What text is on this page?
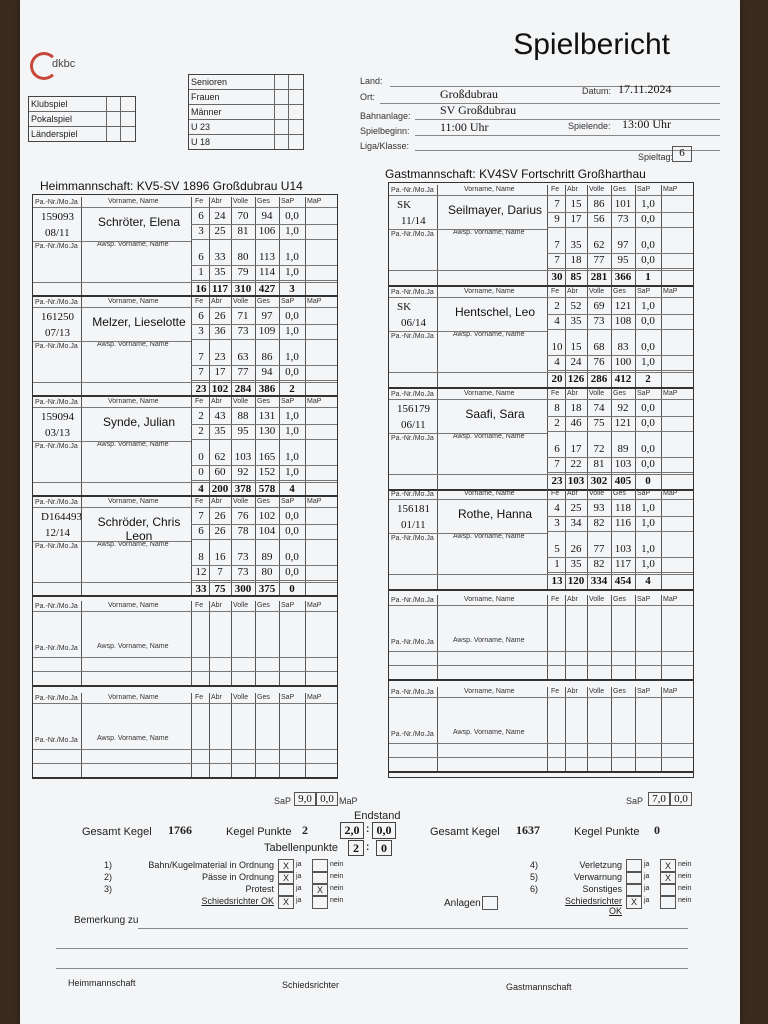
dkbc
Spielbericht
Klubspiel
Pokalspiel
Länderspiel
Senioren
Frauen
Männer
U 23
U 18
Land:
Ort:	Großdubrau	Datum: 17.11.2024
Bahnanlage: SV Großdubrau
Spielbeginn:	11:00 Uhr	Spielende: 13:00 Uhr
Liga/Klasse:
Spieltag: 6
Heimmannschaft: KV5-SV 1896 Großdubrau U14
Gastmannschaft: KV4SV Fortschritt Großharthau
Pa.-Nr./Mo.Ja	Vorname, Name	Fe Abr Volle Ges SaP MaP
159093
08/11
Pa.-Nr./Mo.Ja	Awsp. Vorname, Name
Schröter, Elena	6 24	70	94	0,0
3 25	81 106 1,0
6 33	80 113 1,0
1 35	79 114 1,0
16 117 310 427	3
Pa.-Nr./Mo.Ja	Vorname, Name	Fe Abr Volle Ges SaP MaP
161250
07/13
Pa.-Nr./Mo.Ja	Awsp. Vorname, Name
Melzer, Lieselotte	6 26	71	97	0,0
3 36	73 109 1,0
7 23	63	86	1,0
7 17	77	94	0,0
23 102 284 386	2
Pa.-Nr./Mo.Ja	Vorname, Name	Fe Abr Volle Ges SaP MaP
159094
03/13
Pa.-Nr./Mo.Ja	Awsp. Vorname, Name
Synde, Julian	2 43	88 131 1,0
2 35	95 130 1,0
0 62 103 165 1,0
0 60	92 152 1,0
4 200 378 578	4
Pa.-Nr./Mo.Ja	Vorname, Name	Fe Abr Volle Ges SaP MaP
D164493
12/14
Pa.-Nr./Mo.Ja	Awsp. Vorname, Name
Schröder, Chris Leon
7 26	76 102 0,0
6 26	78 104 0,0
8 16	73	89	0,0
12 7	73	80	0,0
33 75 300 375	0
Pa.-Nr./Mo.Ja	Vorname, Name	Fe Abr Volle Ges SaP MaP
Pa.-Nr./Mo.Ja	Awsp. Vorname, Name
Pa.-Nr./Mo.Ja	Vorname, Name	Fe Abr Volle Ges SaP MaP
Pa.-Nr./Mo.Ja	Awsp. Vorname, Name
Pa.-Nr./Mo.Ja	Vorname, Name	Fe Abr Volle Ges SaP MaP
SK
11/14
Pa.-Nr./Mo.Ja	Awsp. Vorname, Name
Seilmayer, Darius	7 15	86 101 1,0
9 17	56	73	0,0
7 35	62	97	0,0
7 18	77	95	0,0
30 85 281 366	1
Pa.-Nr./Mo.Ja	Vorname, Name	Fe Abr Volle Ges SaP MaP
SK
06/14
Pa.-Nr./Mo.Ja	Awsp. Vorname, Name
Hentschel, Leo	2 52	69 121 1,0
4 35	73 108 0,0
10 15	68	83	0,0
4 24	76 100 1,0
20 126 286 412	2
Pa.-Nr./Mo.Ja	Vorname, Name	Fe Abr Volle Ges SaP MaP
156179
06/11
Pa.-Nr./Mo.Ja	Awsp. Vorname, Name
Saafi, Sara	8 18	74	92	0,0
2 46	75 121 0,0
6 17	72	89	0,0
7 22	81 103 0,0
23 103 302 405	0
Pa.-Nr./Mo.Ja	Vorname, Name	Fe Abr Volle Ges SaP MaP
156181
01/11
Pa.-Nr./Mo.Ja	Awsp. Vorname, Name
Rothe, Hanna	4 25	93 118 1,0
3 34	82 116 1,0
5 26	77 103 1,0
1 35	82 117 1,0
13 120 334 454	4
Pa.-Nr./Mo.Ja	Vorname, Name	Fe Abr Volle Ges SaP MaP
Pa.-Nr./Mo.Ja	Awsp. Vorname, Name
Pa.-Nr./Mo.Ja	Vorname, Name	Fe Abr Volle Ges SaP MaP
Pa.-Nr./Mo.Ja	Awsp. Vorname, Name
SaP 9,0 0,0 MaP	SaP 7,0 0,0
Endstand
Gesamt Kegel 1766	Kegel Punkte 2	2,0 : 0,0	Gesamt Kegel 1637	Kegel Punkte 0
Tabellenpunkte	2 : 0
1)	Bahn/Kugelmaterial in Ordnung X	ja	nein
2)	Pässe in Ordnung X	ja	nein
3)	Protest	ja	X	nein
Schiedsrichter OK X	ja	nein
4)	Verletzung	ja	X	nein
5)	Verwarnung	ja	X	nein
6)	Sonstiges	ja	nein
Schiedsrichter OK
X	ja	nein
Anlagen
Bemerkung zu
Heimmannschaft	Schiedsrichter	Gastmannschaft
